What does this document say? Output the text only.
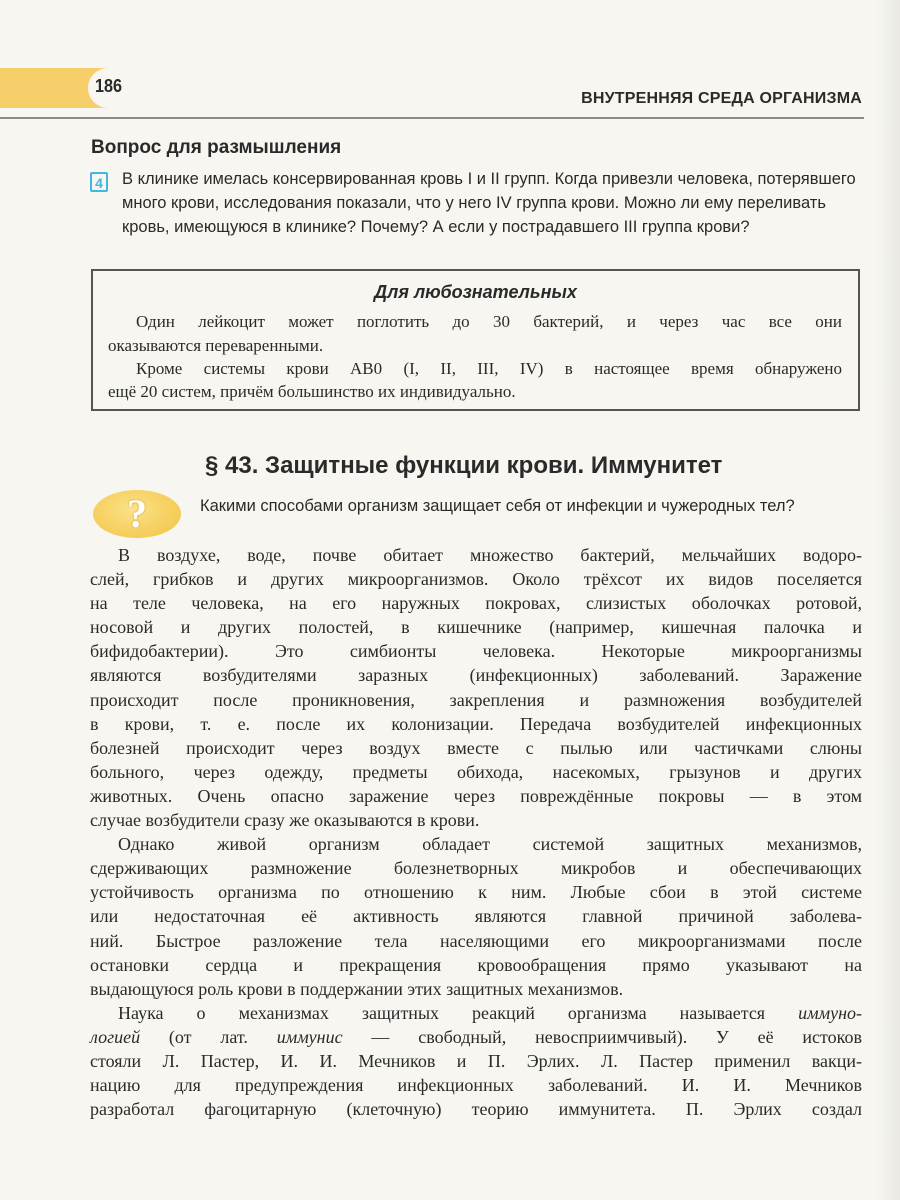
186
ВНУТРЕННЯЯ СРЕДА ОРГАНИЗМА
Вопрос для размышления
4	В клинике имелась консервированная кровь I и II групп. Когда привезли человека, потерявшего много крови, исследования показали, что у него IV группа крови. Можно ли ему переливать кровь, имеющуюся в клинике? Почему? А если у пострадавшего III группа крови?
Для любознательных
Один лейкоцит может поглотить до 30 бактерий, и через час все они
оказываются переваренными.
Кроме системы крови AB0 (I, II, III, IV) в настоящее время обнаружено
ещё 20 систем, причём большинство их индивидуально.
§ 43. Защитные функции крови. Иммунитет
?	Какими способами организм защищает себя от инфекции и чужеродных тел?
В воздухе, воде, почве обитает множество бактерий, мельчайших водоро-
слей, грибков и других микроорганизмов. Около трёхсот их видов поселяется
на теле человека, на его наружных покровах, слизистых оболочках ротовой,
носовой и других полостей, в кишечнике (например, кишечная палочка и
бифидобактерии). Это симбионты человека. Некоторые микроорганизмы
являются возбудителями заразных (инфекционных) заболеваний. Заражение
происходит после проникновения, закрепления и размножения возбудителей
в крови, т. е. после их колонизации. Передача возбудителей инфекционных
болезней происходит через воздух вместе с пылью или частичками слюны
больного, через одежду, предметы обихода, насекомых, грызунов и других
животных. Очень опасно заражение через повреждённые покровы — в этом
случае возбудители сразу же оказываются в крови.
Однако живой организм обладает системой защитных механизмов,
сдерживающих размножение болезнетворных микробов и обеспечивающих
устойчивость организма по отношению к ним. Любые сбои в этой системе
или недостаточная её активность являются главной причиной заболева-
ний. Быстрое разложение тела населяющими его микроорганизмами после
остановки сердца и прекращения кровообращения прямо указывают на
выдающуюся роль крови в поддержании этих защитных механизмов.
Наука о механизмах защитных реакций организма называется иммуно-
логией (от лат. иммунис — свободный, невосприимчивый). У её истоков
стояли Л. Пастер, И. И. Мечников и П. Эрлих. Л. Пастер применил вакци-
нацию для предупреждения инфекционных заболеваний. И. И. Мечников
разработал фагоцитарную (клеточную) теорию иммунитета. П. Эрлих создал
